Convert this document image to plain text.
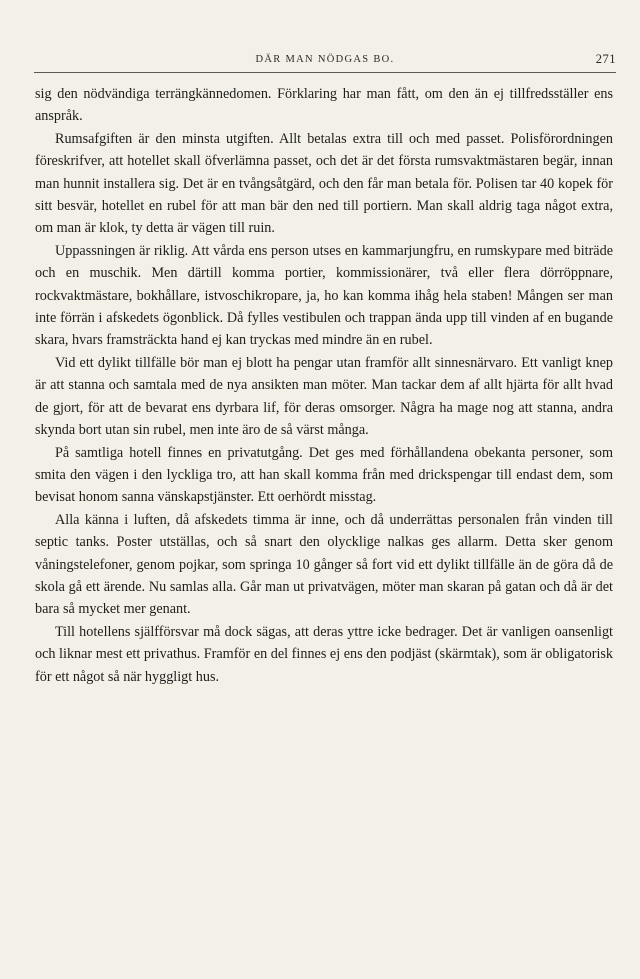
DÄR MAN NÖDGAS BO.	271

sig den nödvändiga terrängkännedomen. Förklaring har man fått, om den än ej tillfredsställer ens anspråk.

Rumsafgiften är den minsta utgiften. Allt betalas extra till och med passet. Polisförordningen föreskrifver, att hotellet skall öfverlämna passet, och det är det första rumsvaktmästaren begär, innan man hunnit installera sig. Det är en tvångsåtgärd, och den får man betala för. Polisen tar 40 kopek för sitt besvär, hotellet en rubel för att man bär den ned till portiern. Man skall aldrig taga något extra, om man är klok, ty detta är vägen till ruin.

Uppassningen är riklig. Att vårda ens person utses en kammarjungfru, en rumskypare med biträde och en muschik. Men därtill komma portier, kommissionärer, två eller flera dörröppnare, rockvaktmästare, bokhållare, istvoschikropare, ja, ho kan komma ihåg hela staben! Mången ser man inte förrän i afskedets ögonblick. Då fylles vestibulen och trappan ända upp till vinden af en bugande skara, hvars framsträckta hand ej kan tryckas med mindre än en rubel.

Vid ett dylikt tillfälle bör man ej blott ha pengar utan framför allt sinnesnärvaro. Ett vanligt knep är att stanna och samtala med de nya ansikten man möter. Man tackar dem af allt hjärta för allt hvad de gjort, för att de bevarat ens dyrbara lif, för deras omsorger. Några ha mage nog att stanna, andra skynda bort utan sin rubel, men inte äro de så värst många.

På samtliga hotell finnes en privatutgång. Det ges med förhållandena obekanta personer, som smita den vägen i den lyckliga tro, att han skall komma från med drickspengar till endast dem, som bevisat honom sanna vänskapstjänster. Ett oerhördt misstag.

Alla känna i luften, då afskedets timma är inne, och då underrättas personalen från vinden till septic tanks. Poster utställas, och så snart den olycklige nalkas ges allarm. Detta sker genom våningstelefoner, genom pojkar, som springa 10 gånger så fort vid ett dylikt tillfälle än de göra då de skola gå ett ärende. Nu samlas alla. Går man ut privatvägen, möter man skaran på gatan och då är det bara så mycket mer genant.

Till hotellens själfförsvar må dock sägas, att deras yttre icke bedrager. Det är vanligen oansenligt och liknar mest ett privathus. Framför en del finnes ej ens den podjäst (skärmtak), som är obligatorisk för ett något så när hyggligt hus.
